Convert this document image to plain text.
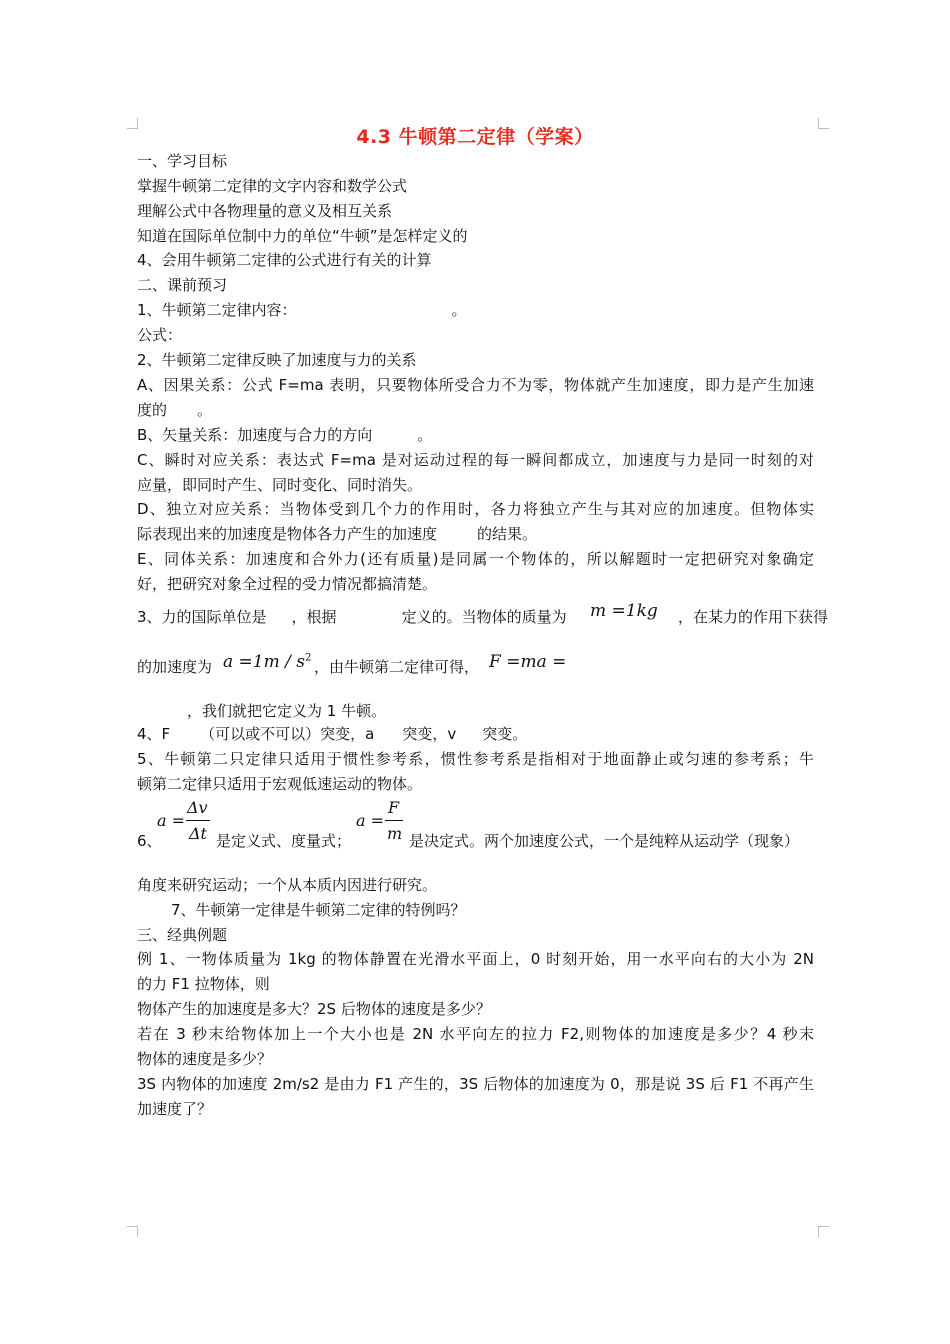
4.3 牛顿第二定律（学案）
一、学习目标
掌握牛顿第二定律的文字内容和数学公式
理解公式中各物理量的意义及相互关系
知道在国际单位制中力的单位“牛顿”是怎样定义的
4、会用牛顿第二定律的公式进行有关的计算
二、课前预习
1、牛顿第二定律内容：	。
公式：
2、牛顿第二定律反映了加速度与力的关系
A、因果关系：公式 F=ma 表明，只要物体所受合力不为零，物体就产生加速度，即力是产生加速
度的 。
B、矢量关系：加速度与合力的方向	。
C、瞬时对应关系：表达式 F=ma 是对运动过程的每一瞬间都成立，加速度与力是同一时刻的对
应量，即同时产生、同时变化、同时消失。
D、独立对应关系：当物体受到几个力的作用时，各力将独立产生与其对应的加速度。但物体实
际表现出来的加速度是物体各力产生的加速度	的结果。
E、同体关系：加速度和合外力(还有质量)是同属一个物体的，所以解题时一定把研究对象确定
好，把研究对象全过程的受力情况都搞清楚。
3、力的国际单位是 ，根据	定义的。当物体的质量为 m =1kg ，在某力的作用下获得
的加速度为 $a =1m / s^2$
，由牛顿第二定律可得， F =ma =
，我们就把它定义为 1 牛顿。
4、F （可以或不可以）突变，a 突变，v 突变。
5、牛顿第二只定律只适用于惯性参考系，惯性参考系是指相对于地面静止或匀速的参考系；牛
顿第二定律只适用于宏观低速运动的物体。
6、
a =
Δv
Δt 是定义式、度量式；
a =
F
m 是决定式。两个加速度公式，一个是纯粹从运动学（现象）
角度来研究运动；一个从本质内因进行研究。
7、牛顿第一定律是牛顿第二定律的特例吗？
三、经典例题
例 1、一物体质量为 1kg 的物体静置在光滑水平面上，0 时刻开始，用一水平向右的大小为 2N
的力 F1 拉物体，则
物体产生的加速度是多大？2S 后物体的速度是多少？
若在 3 秒末给物体加上一个大小也是 2N 水平向左的拉力 F2,则物体的加速度是多少？4 秒末
物体的速度是多少？
3S 内物体的加速度 2m/s2 是由力 F1 产生的，3S 后物体的加速度为 0，那是说 3S 后 F1 不再产生
加速度了？
